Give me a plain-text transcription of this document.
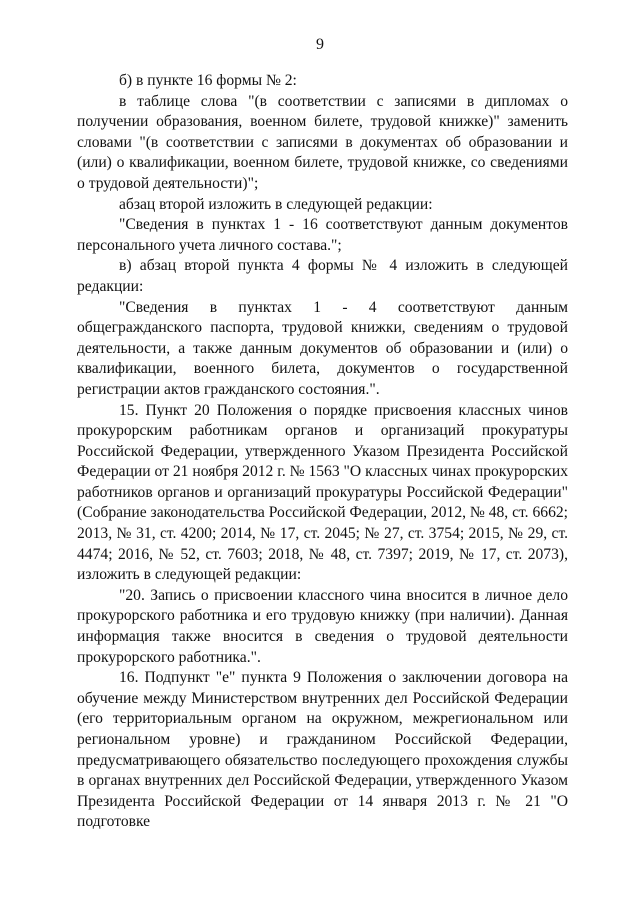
9

б) в пункте 16 формы № 2:

в таблице слова "(в соответствии с записями в дипломах о получении образования, военном билете, трудовой книжке)" заменить словами "(в соответствии с записями в документах об образовании и (или) о квалификации, военном билете, трудовой книжке, со сведениями о трудовой деятельности)";

абзац второй изложить в следующей редакции:

"Сведения в пунктах 1 - 16 соответствуют данным документов персонального учета личного состава.";

в) абзац второй пункта 4 формы № 4 изложить в следующей редакции:

"Сведения в пунктах 1 - 4 соответствуют данным общегражданского паспорта, трудовой книжки, сведениям о трудовой деятельности, а также данным документов об образовании и (или) о квалификации, военного билета, документов о государственной регистрации актов гражданского состояния.".

15. Пункт 20 Положения о порядке присвоения классных чинов прокурорским работникам органов и организаций прокуратуры Российской Федерации, утвержденного Указом Президента Российской Федерации от 21 ноября 2012 г. № 1563 "О классных чинах прокурорских работников органов и организаций прокуратуры Российской Федерации" (Собрание законодательства Российской Федерации, 2012, № 48, ст. 6662; 2013, № 31, ст. 4200; 2014, № 17, ст. 2045; № 27, ст. 3754; 2015, № 29, ст. 4474; 2016, № 52, ст. 7603; 2018, № 48, ст. 7397; 2019, № 17, ст. 2073), изложить в следующей редакции:

"20. Запись о присвоении классного чина вносится в личное дело прокурорского работника и его трудовую книжку (при наличии). Данная информация также вносится в сведения о трудовой деятельности прокурорского работника.".

16. Подпункт "е" пункта 9 Положения о заключении договора на обучение между Министерством внутренних дел Российской Федерации (его территориальным органом на окружном, межрегиональном или региональном уровне) и гражданином Российской Федерации, предусматривающего обязательство последующего прохождения службы в органах внутренних дел Российской Федерации, утвержденного Указом Президента Российской Федерации от 14 января 2013 г. № 21 "О подготовке
